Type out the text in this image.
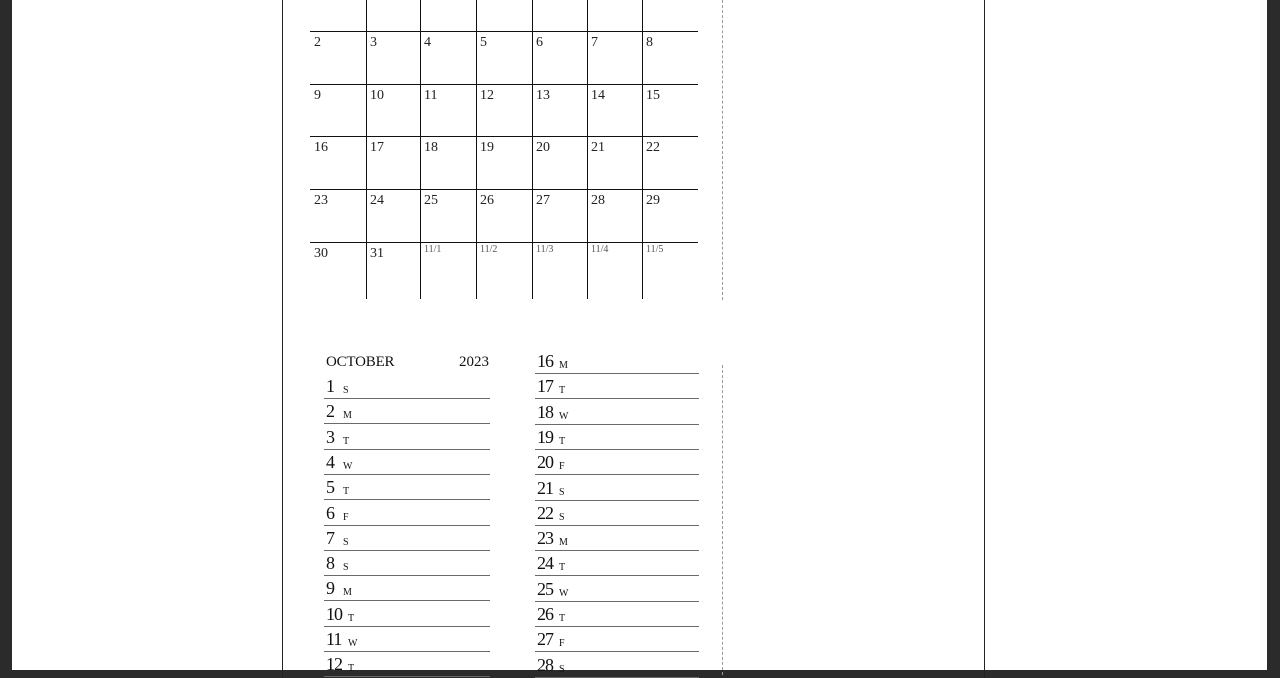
2	3	4	5	6	7	8
9	10	11	12	13	14	15
16	17	18	19	20	21	22
23	24	25	26	27	28	29
30	31	11/1	11/2	11/3	11/4	11/5
OCTOBER	2023
1 S
2 M
3 T
4 W
5 T
6 F
7 S
8 S
9 M
10 T
11 W
12 T
16 M
17 T
18 W
19 T
20 F
21 S
22 S
23 M
24 T
25 W
26 T
27 F
28 S
